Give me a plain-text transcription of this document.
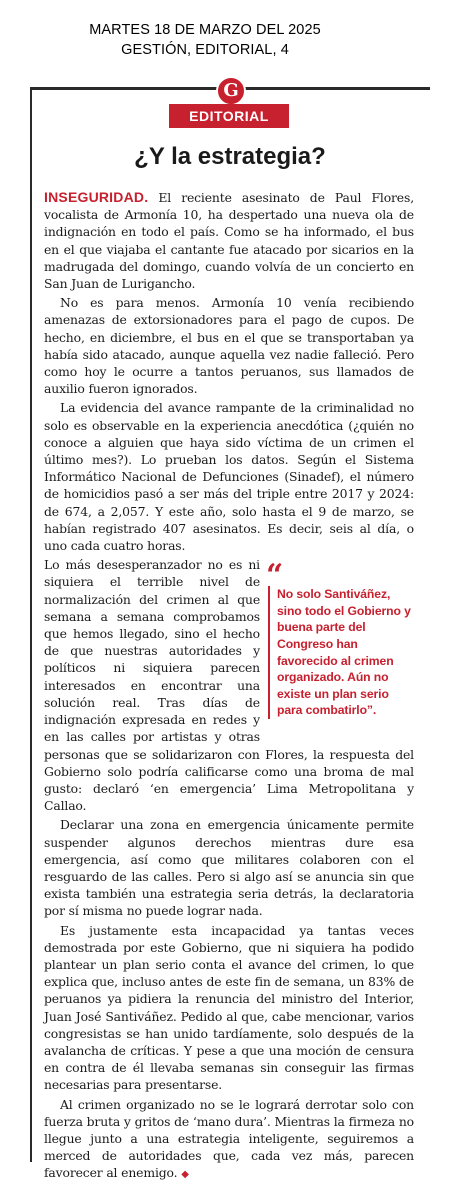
MARTES 18 DE MARZO DEL 2025
GESTIÓN, EDITORIAL, 4
G
EDITORIAL
¿Y la estrategia?

INSEGURIDAD. El reciente asesinato de Paul Flores, vocalista de Armonía 10, ha despertado una nueva ola de indignación en todo el país. Como se ha informado, el bus en el que viajaba el cantante fue atacado por sicarios en la madrugada del domingo, cuando volvía de un concierto en San Juan de Lurigancho.

No es para menos. Armonía 10 venía recibiendo amenazas de extorsionadores para el pago de cupos. De hecho, en diciembre, el bus en el que se transportaban ya había sido atacado, aunque aquella vez nadie falleció. Pero como hoy le ocurre a tantos peruanos, sus llamados de auxilio fueron ignorados.

La evidencia del avance rampante de la criminalidad no solo es observable en la experiencia anecdótica (¿quién no conoce a alguien que haya sido víctima de un crimen el último mes?). Lo prueban los datos. Según el Sistema Informático Nacional de Defunciones (Sinadef), el número de homicidios pasó a ser más del triple entre 2017 y 2024: de 674, a 2,057. Y este año, solo hasta el 9 de marzo, se habían registrado 407 asesinatos. Es decir, seis al día, o uno cada cuatro horas.

“
No solo Santiváñez, sino todo el Gobierno y buena parte del Congreso han favorecido al crimen organizado. Aún no existe un plan serio para combatirlo”.
Lo más desesperanzador no es ni siquiera el terrible nivel de normalización del crimen al que semana a semana comprobamos que hemos llegado, sino el hecho de que nuestras autoridades y políticos ni siquiera parecen interesados en encontrar una solución real. Tras días de indignación expresada en redes y en las calles por artistas y otras personas que se solidarizaron con Flores, la respuesta del Gobierno solo podría calificarse como una broma de mal gusto: declaró ‘en emergencia’ Lima Metropolitana y Callao.

Declarar una zona en emergencia únicamente permite suspender algunos derechos mientras dure esa emergencia, así como que militares colaboren con el resguardo de las calles. Pero si algo así se anuncia sin que exista también una estrategia seria detrás, la declaratoria por sí misma no puede lograr nada.

Es justamente esta incapacidad ya tantas veces demostrada por este Gobierno, que ni siquiera ha podido plantear un plan serio conta el avance del crimen, lo que explica que, incluso antes de este fin de semana, un 83% de peruanos ya pidiera la renuncia del ministro del Interior, Juan José Santiváñez. Pedido al que, cabe mencionar, varios congresistas se han unido tardíamente, solo después de la avalancha de críticas. Y pese a que una moción de censura en contra de él llevaba semanas sin conseguir las firmas necesarias para presentarse.

Al crimen organizado no se le logrará derrotar solo con fuerza bruta y gritos de ‘mano dura’. Mientras la firmeza no llegue junto a una estrategia inteligente, seguiremos a merced de autoridades que, cada vez más, parecen favorecer al enemigo. ◆
